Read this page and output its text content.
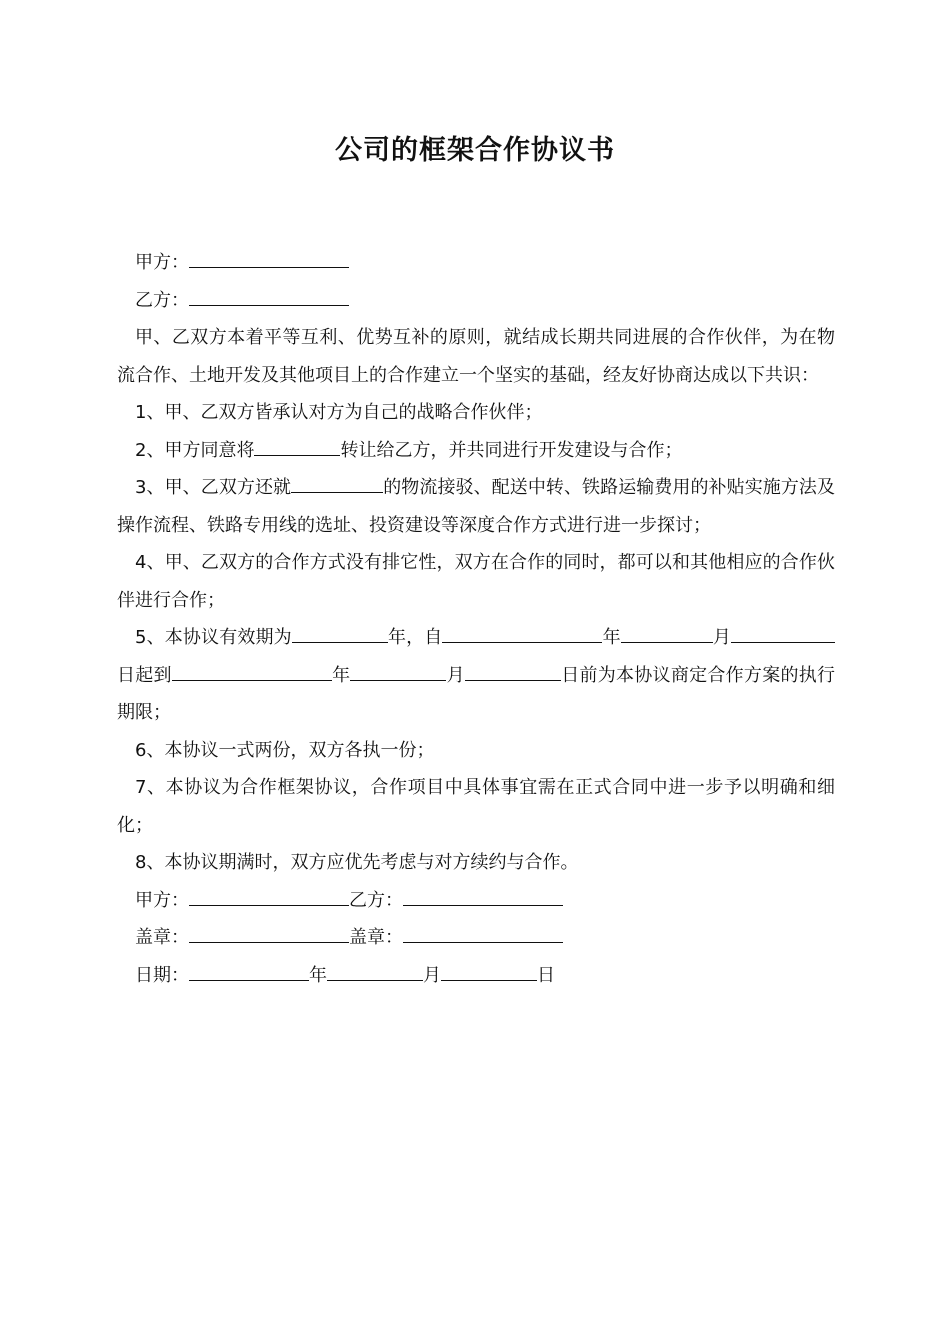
公司的框架合作协议书

甲方：

乙方：

甲、乙双方本着平等互利、优势互补的原则，就结成长期共同进展的合作伙伴，为在物流合作、土地开发及其他项目上的合作建立一个坚实的基础，经友好协商达成以下共识：

1、甲、乙双方皆承认对方为自己的战略合作伙伴；

2、甲方同意将	转让给乙方，并共同进行开发建设与合作；

3、甲、乙双方还就	的物流接驳、配送中转、铁路运输费用的补贴实施方法及操作流程、铁路专用线的选址、投资建设等深度合作方式进行进一步探讨；

4、甲、乙双方的合作方式没有排它性，双方在合作的同时，都可以和其他相应的合作伙伴进行合作；

5、本协议有效期为	年，自	年	月日起到	年	月	日前为本协议商定合作方案的执行期限；

6、本协议一式两份，双方各执一份；

7、本协议为合作框架协议，合作项目中具体事宜需在正式合同中进一步予以明确和细化；

8、本协议期满时，双方应优先考虑与对方续约与合作。

甲方：	乙方：

盖章：	盖章：

日期：	年	月	日
